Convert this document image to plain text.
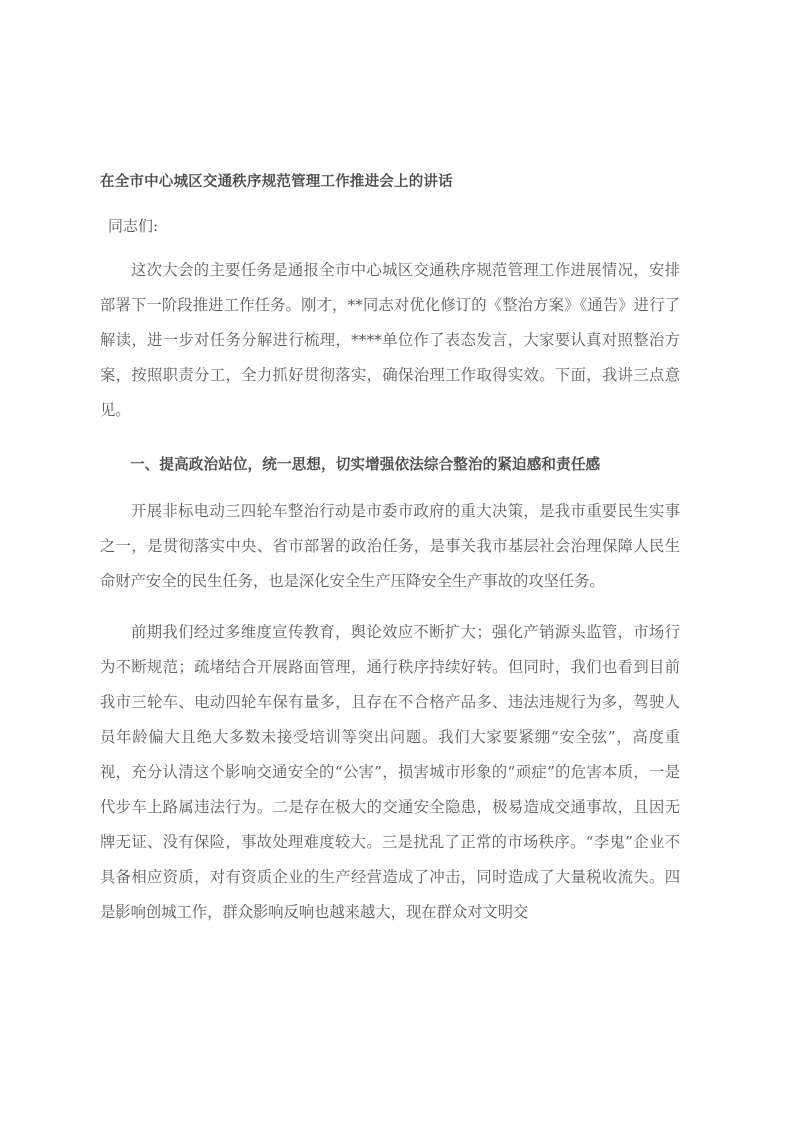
在全市中心城区交通秩序规范管理工作推进会上的讲话

同志们:

这次大会的主要任务是通报全市中心城区交通秩序规范管理工作进展情况，安排部署下一阶段推进工作任务。刚才，**同志对优化修订的《整治方案》《通告》进行了解读，进一步对任务分解进行梳理，****单位作了表态发言，大家要认真对照整治方案，按照职责分工，全力抓好贯彻落实，确保治理工作取得实效。下面，我讲三点意见。

一、提高政治站位，统一思想，切实增强依法综合整治的紧迫感和责任感

开展非标电动三四轮车整治行动是市委市政府的重大决策，是我市重要民生实事之一，是贯彻落实中央、省市部署的政治任务，是事关我市基层社会治理保障人民生命财产安全的民生任务，也是深化安全生产压降安全生产事故的攻坚任务。

前期我们经过多维度宣传教育，舆论效应不断扩大；强化产销源头监管，市场行为不断规范；疏堵结合开展路面管理，通行秩序持续好转。但同时，我们也看到目前我市三轮车、电动四轮车保有量多，且存在不合格产品多、违法违规行为多，驾驶人员年龄偏大且绝大多数未接受培训等突出问题。我们大家要紧绷“安全弦”，高度重视，充分认清这个影响交通安全的“公害”，损害城市形象的“顽症”的危害本质，一是代步车上路属违法行为。二是存在极大的交通安全隐患，极易造成交通事故，且因无牌无证、没有保险，事故处理难度较大。三是扰乱了正常的市场秩序。“李鬼”企业不具备相应资质，对有资质企业的生产经营造成了冲击，同时造成了大量税收流失。四是影响创城工作，群众影响反响也越来越大，现在群众对文明交
